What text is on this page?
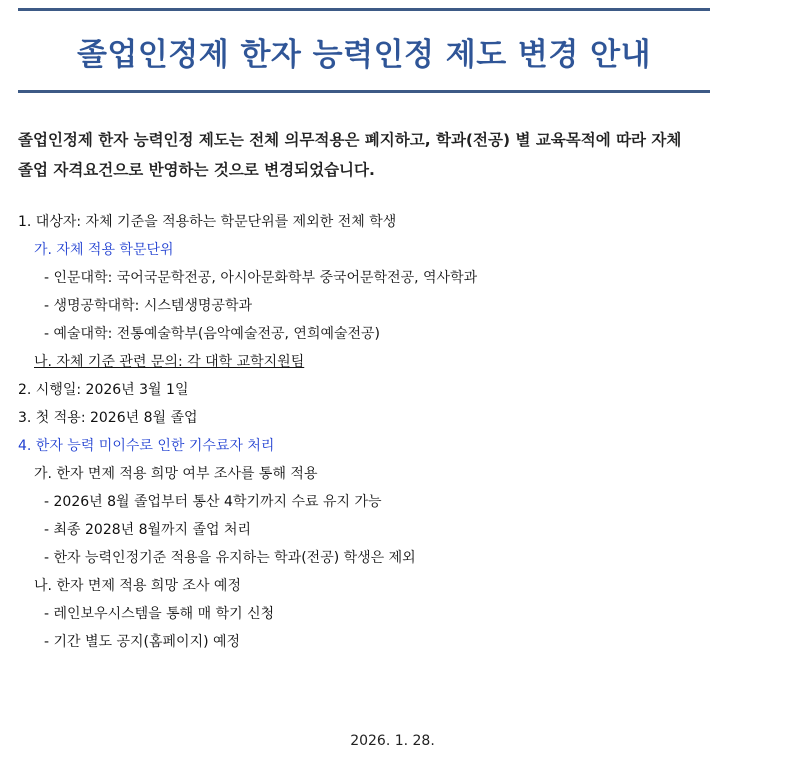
졸업인정제 한자 능력인정 제도 변경 안내

졸업인정제 한자 능력인정 제도는 전체 의무적용은 폐지하고, 학과(전공) 별 교육목적에 따라 자체

졸업 자격요건으로 반영하는 것으로 변경되었습니다.

1. 대상자: 자체 기준을 적용하는 학문단위를 제외한 전체 학생
가. 자체 적용 학문단위
- 인문대학: 국어국문학전공, 아시아문화학부 중국어문학전공, 역사학과
- 생명공학대학: 시스템생명공학과
- 예술대학: 전통예술학부(음악예술전공, 연희예술전공)
나. 자체 기준 관련 문의: 각 대학 교학지원팀
2. 시행일: 2026년 3월 1일
3. 첫 적용: 2026년 8월 졸업
4. 한자 능력 미이수로 인한 기수료자 처리
가. 한자 면제 적용 희망 여부 조사를 통해 적용
- 2026년 8월 졸업부터 통산 4학기까지 수료 유지 가능
- 최종 2028년 8월까지 졸업 처리
- 한자 능력인정기준 적용을 유지하는 학과(전공) 학생은 제외
나. 한자 면제 적용 희망 조사 예정
- 레인보우시스템을 통해 매 학기 신청
- 기간 별도 공지(홈페이지) 예정
2026. 1. 28.
